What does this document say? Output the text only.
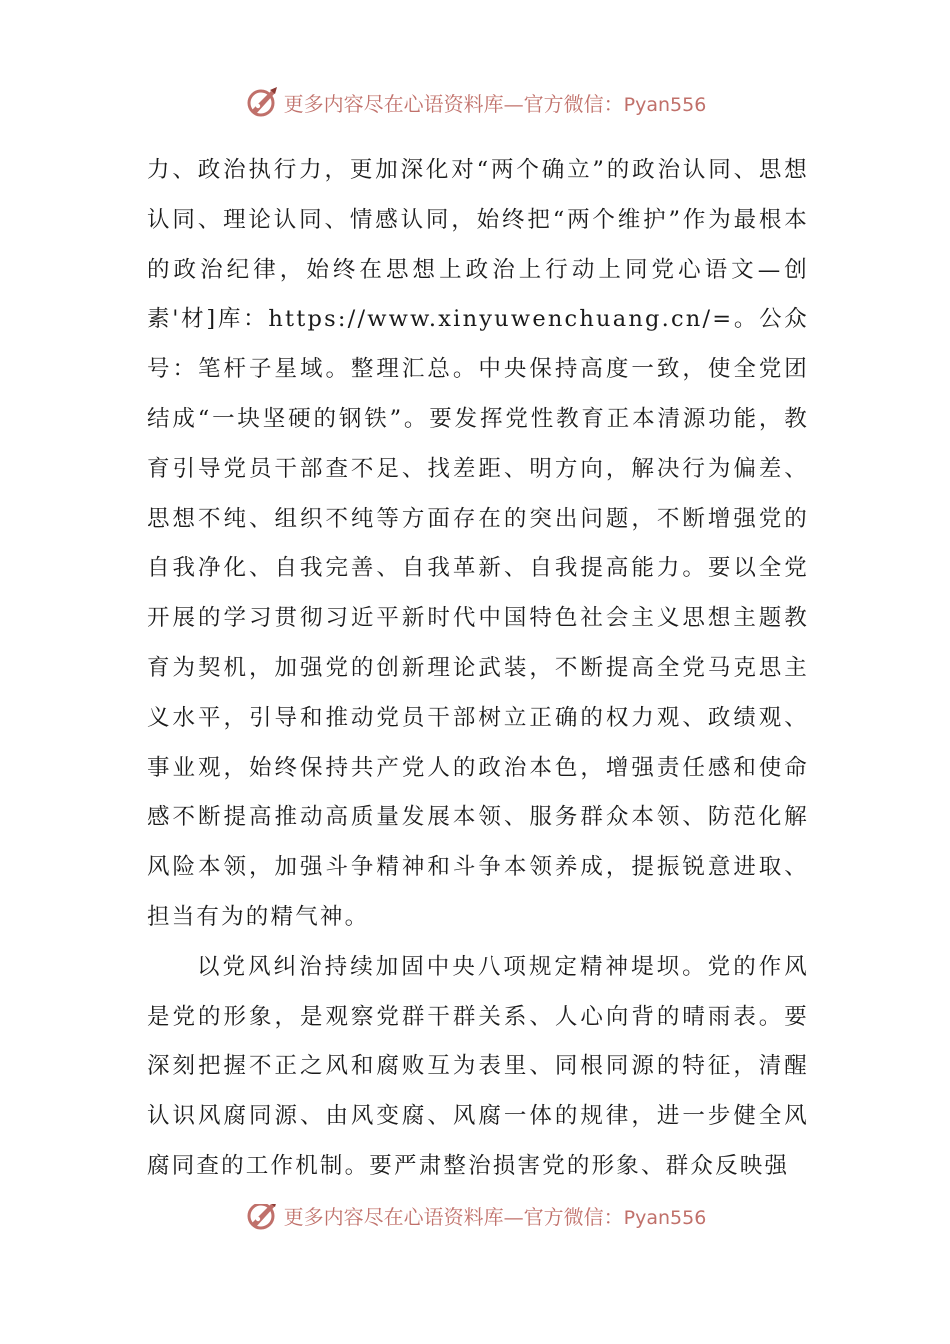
更多内容尽在心语资料库—官方微信：Pyan556

力、政治执行力，更加深化对“两个确立”的政治认同、思想认同、理论认同、情感认同，始终把“两个维护”作为最根本的政治纪律，始终在思想上政治上行动上同党心语文—创素'材]库：https://www.xinyuwenchuang.cn/=。公众号：笔杆子星域。整理汇总。中央保持高度一致，使全党团结成“一块坚硬的钢铁”。要发挥党性教育正本清源功能，教育引导党员干部查不足、找差距、明方向，解决行为偏差、思想不纯、组织不纯等方面存在的突出问题，不断增强党的自我净化、自我完善、自我革新、自我提高能力。要以全党开展的学习贯彻习近平新时代中国特色社会主义思想主题教育为契机，加强党的创新理论武装，不断提高全党马克思主义水平，引导和推动党员干部树立正确的权力观、政绩观、事业观，始终保持共产党人的政治本色，增强责任感和使命感不断提高推动高质量发展本领、服务群众本领、防范化解风险本领，加强斗争精神和斗争本领养成，提振锐意进取、担当有为的精气神。

以党风纠治持续加固中央八项规定精神堤坝。党的作风是党的形象，是观察党群干群关系、人心向背的晴雨表。要深刻把握不正之风和腐败互为表里、同根同源的特征，清醒认识风腐同源、由风变腐、风腐一体的规律，进一步健全风腐同查的工作机制。要严肃整治损害党的形象、群众反映强

更多内容尽在心语资料库—官方微信：Pyan556
